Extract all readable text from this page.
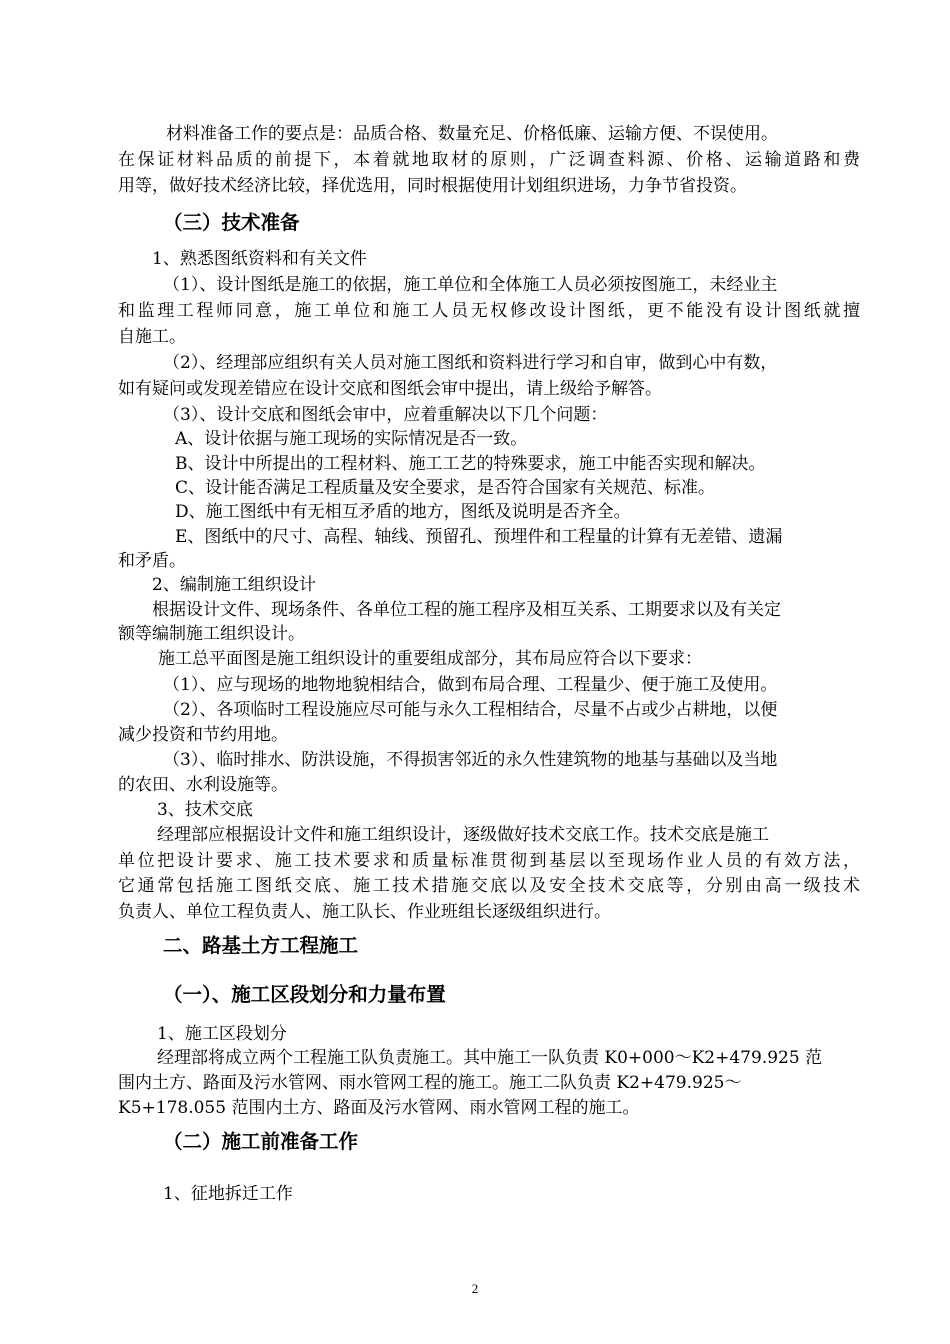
材料准备工作的要点是：品质合格、数量充足、价格低廉、运输方便、不误使用。
在保证材料品质的前提下，本着就地取材的原则，广泛调查料源、价格、运输道路和费
用等，做好技术经济比较，择优选用，同时根据使用计划组织进场，力争节省投资。
（三）技术准备
1、熟悉图纸资料和有关文件
（1）、设计图纸是施工的依据，施工单位和全体施工人员必须按图施工，未经业主
和监理工程师同意，施工单位和施工人员无权修改设计图纸，更不能没有设计图纸就擅
自施工。
（2）、经理部应组织有关人员对施工图纸和资料进行学习和自审，做到心中有数，
如有疑问或发现差错应在设计交底和图纸会审中提出，请上级给予解答。
（3）、设计交底和图纸会审中，应着重解决以下几个问题：
A、设计依据与施工现场的实际情况是否一致。
B、设计中所提出的工程材料、施工工艺的特殊要求，施工中能否实现和解决。
C、设计能否满足工程质量及安全要求，是否符合国家有关规范、标准。
D、施工图纸中有无相互矛盾的地方，图纸及说明是否齐全。
E、图纸中的尺寸、高程、轴线、预留孔、预埋件和工程量的计算有无差错、遗漏
和矛盾。
2、编制施工组织设计
根据设计文件、现场条件、各单位工程的施工程序及相互关系、工期要求以及有关定
额等编制施工组织设计。
施工总平面图是施工组织设计的重要组成部分，其布局应符合以下要求：
（1）、应与现场的地物地貌相结合，做到布局合理、工程量少、便于施工及使用。
（2）、各项临时工程设施应尽可能与永久工程相结合，尽量不占或少占耕地，以便
减少投资和节约用地。
（3）、临时排水、防洪设施，不得损害邻近的永久性建筑物的地基与基础以及当地
的农田、水利设施等。
3、技术交底
经理部应根据设计文件和施工组织设计，逐级做好技术交底工作。技术交底是施工
单位把设计要求、施工技术要求和质量标准贯彻到基层以至现场作业人员的有效方法，
它通常包括施工图纸交底、施工技术措施交底以及安全技术交底等，分别由高一级技术
负责人、单位工程负责人、施工队长、作业班组长逐级组织进行。
二、路基土方工程施工
（一）、施工区段划分和力量布置
1、施工区段划分
经理部将成立两个工程施工队负责施工。其中施工一队负责 K0+000～K2+479.925 范
围内土方、路面及污水管网、雨水管网工程的施工。施工二队负责 K2+479.925～
K5+178.055 范围内土方、路面及污水管网、雨水管网工程的施工。
（二）施工前准备工作
1、征地拆迁工作
2
